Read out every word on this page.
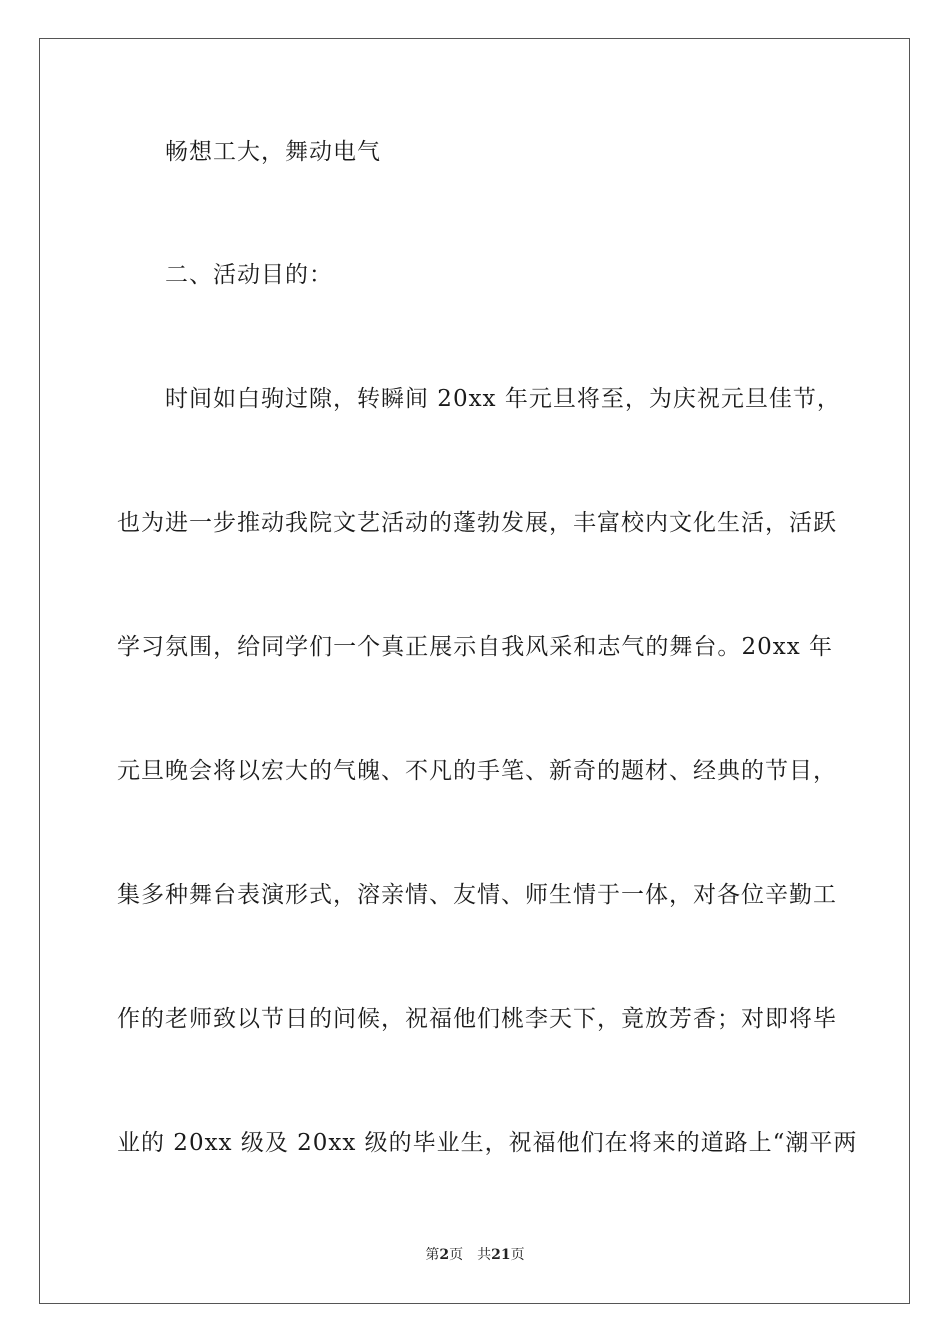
畅想工大，舞动电气
二、活动目的：
时间如白驹过隙，转瞬间 20xx 年元旦将至，为庆祝元旦佳节，
也为进一步推动我院文艺活动的蓬勃发展，丰富校内文化生活，活跃
学习氛围，给同学们一个真正展示自我风采和志气的舞台。20xx 年
元旦晚会将以宏大的气魄、不凡的手笔、新奇的题材、经典的节目，
集多种舞台表演形式，溶亲情、友情、师生情于一体，对各位辛勤工
作的老师致以节日的问候，祝福他们桃李天下，竟放芳香；对即将毕
业的 20xx 级及 20xx 级的毕业生，祝福他们在将来的道路上“潮平两
第2页 共21页
